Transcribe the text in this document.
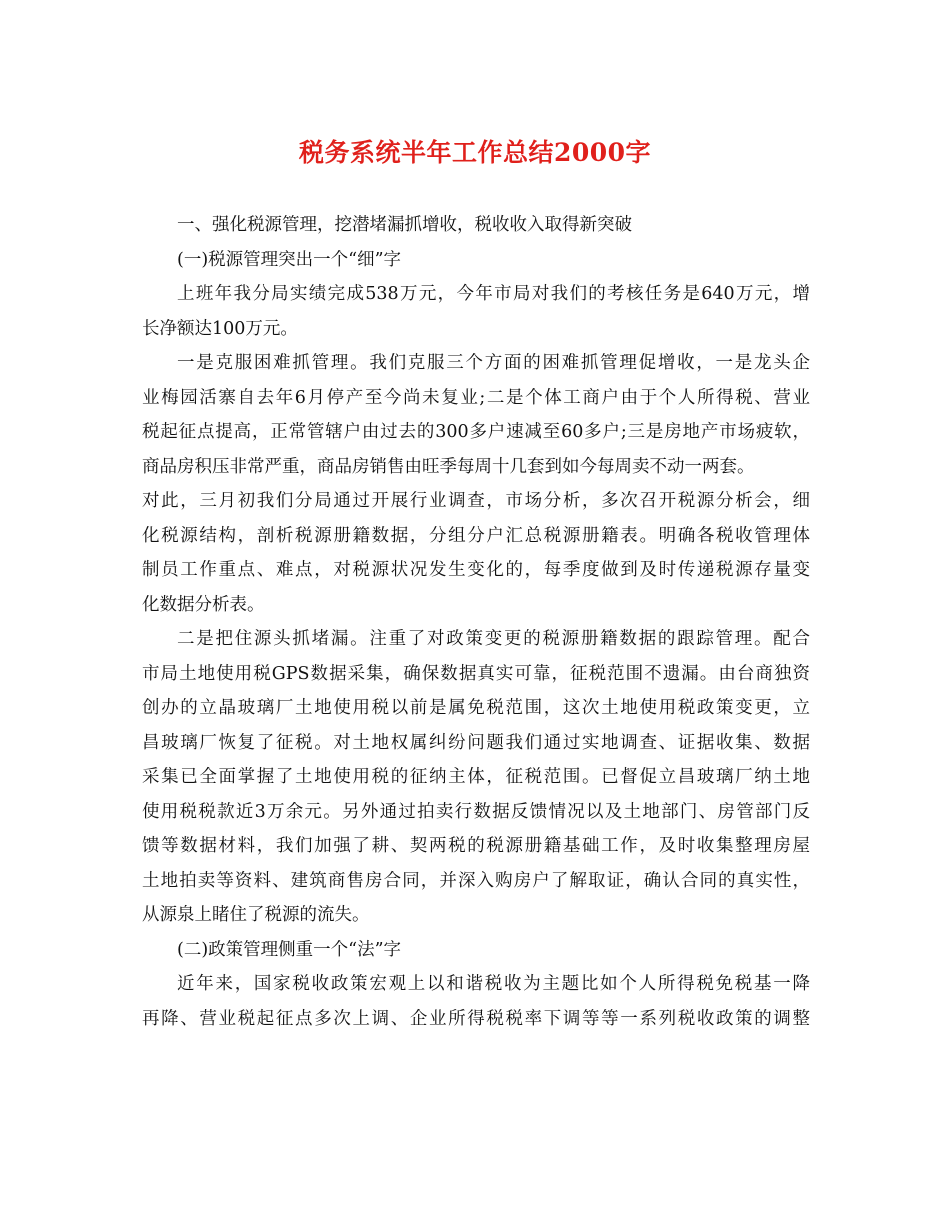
税务系统半年工作总结2000字

一、强化税源管理，挖潜堵漏抓增收，税收收入取得新突破

(一)税源管理突出一个“细”字

上班年我分局实绩完成538万元，今年市局对我们的考核任务是640万元，增

长净额达100万元。

一是克服困难抓管理。我们克服三个方面的困难抓管理促增收，一是龙头企

业梅园活寨自去年6月停产至今尚未复业;二是个体工商户由于个人所得税、营业

税起征点提高，正常管辖户由过去的300多户速减至60多户;三是房地产市场疲软，

商品房积压非常严重，商品房销售由旺季每周十几套到如今每周卖不动一两套。

对此，三月初我们分局通过开展行业调查，市场分析，多次召开税源分析会，细

化税源结构，剖析税源册籍数据，分组分户汇总税源册籍表。明确各税收管理体

制员工作重点、难点，对税源状况发生变化的，每季度做到及时传递税源存量变

化数据分析表。

二是把住源头抓堵漏。注重了对政策变更的税源册籍数据的跟踪管理。配合

市局土地使用税GPS数据采集，确保数据真实可靠，征税范围不遗漏。由台商独资

创办的立晶玻璃厂土地使用税以前是属免税范围，这次土地使用税政策变更，立

昌玻璃厂恢复了征税。对土地权属纠纷问题我们通过实地调查、证据收集、数据

采集已全面掌握了土地使用税的征纳主体，征税范围。已督促立昌玻璃厂纳土地

使用税税款近3万余元。另外通过拍卖行数据反馈情况以及土地部门、房管部门反

馈等数据材料，我们加强了耕、契两税的税源册籍基础工作，及时收集整理房屋

土地拍卖等资料、建筑商售房合同，并深入购房户了解取证，确认合同的真实性，

从源泉上睹住了税源的流失。

(二)政策管理侧重一个“法”字

近年来，国家税收政策宏观上以和谐税收为主题比如个人所得税免税基一降

再降、营业税起征点多次上调、企业所得税税率下调等等一系列税收政策的调整
